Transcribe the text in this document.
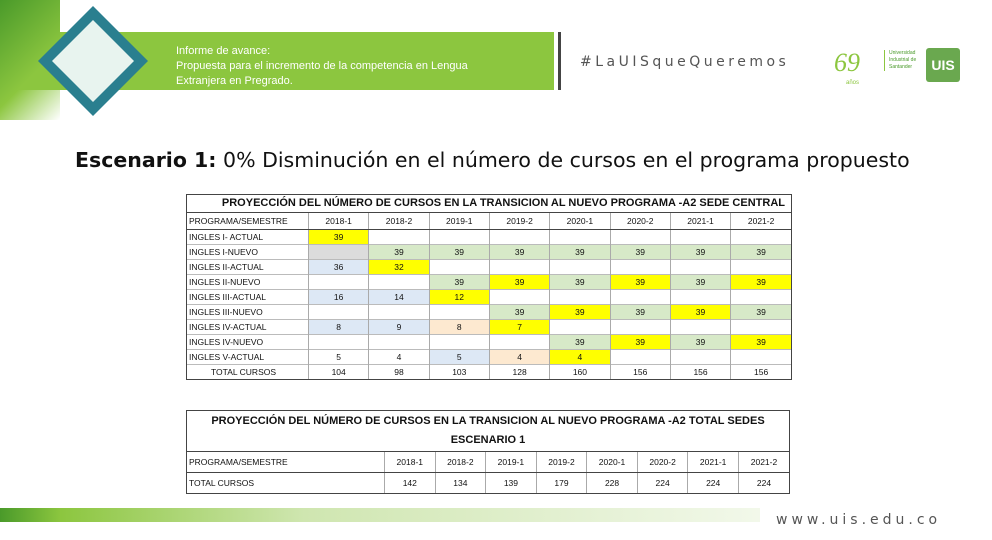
Informe de avance:
Propuesta para el incremento de la competencia en Lengua
Extranjera en Pregrado.
#LaUISqueQueremos 69
años
Universidad Industrial de Santander	UIS
Escenario 1: 0% Disminución en el número de cursos en el programa propuesto
PROYECCIÓN DEL NÚMERO DE CURSOS EN LA TRANSICION AL NUEVO PROGRAMA -A2 SEDE CENTRAL
PROGRAMA/SEMESTRE	2018-1	2018-2	2019-1	2019-2	2020-1	2020-2	2021-1	2021-2
INGLES I- ACTUAL	39							
INGLES I-NUEVO		39	39	39	39	39	39	39
INGLES II-ACTUAL	36	32						
INGLES II-NUEVO			39	39	39	39	39	39
INGLES III-ACTUAL	16	14	12					
INGLES III-NUEVO				39	39	39	39	39
INGLES IV-ACTUAL	8	9	8	7				
INGLES IV-NUEVO					39	39	39	39
INGLES V-ACTUAL	5	4	5	4	4			
TOTAL CURSOS	104	98	103	128	160	156	156	156
PROYECCIÓN DEL NÚMERO DE CURSOS EN LA TRANSICION AL NUEVO PROGRAMA -A2 TOTAL SEDES
ESCENARIO 1
PROGRAMA/SEMESTRE	2018-1	2018-2	2019-1	2019-2	2020-1	2020-2	2021-1	2021-2
TOTAL CURSOS	142	134	139	179	228	224	224	224
www.uis.edu.co
